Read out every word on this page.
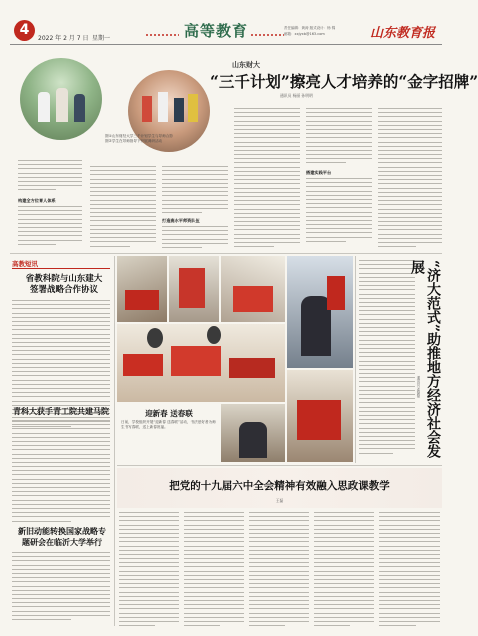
4
2022 年 2 月 7 日 星期一	高等教育	责任编辑：黄涛 版式设计：杨 锦
邮箱：xxjyxb@163.com	山东教育报
图①山东财经大学三千计划学生与导师合影 图②学生在导师指导下开展调研活动
山东财大
“三千计划”擦亮人才培养的“金字招牌”
通讯员 杨丽 孙明明
构建全方位育人体系
打造高水平师资队伍
搭建实践平台
高教短讯
省教科院与山东建大签署战略合作协议
青科大获手青工院共建马院
新旧动能转换国家战略专题研会在临沂大学举行
迎新春 送春联
日前，学校组织开展“迎新春 送春联”活动，书法爱好者为师生书写春联，送上新春祝福。	“济大范式”助推地方经济社会发展
通讯员 邓磊磊
把党的十九届六中全会精神有效融入思政课教学
王磊
